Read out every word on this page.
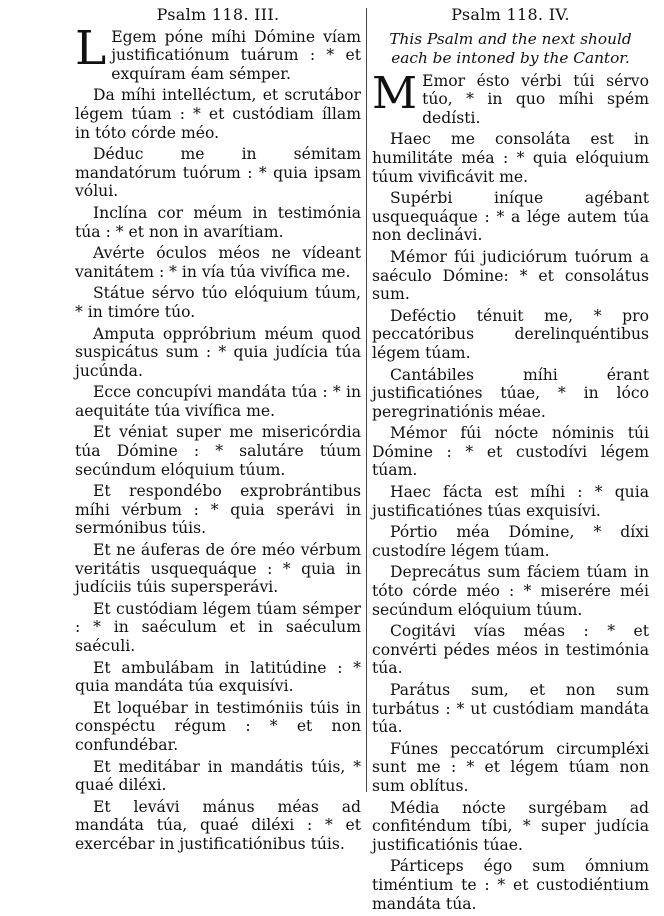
Psalm 118. III.

L Egem póne míhi Dómine víam justificatiónum tuárum : * et exquíram éam sémper.

Da míhi intelléctum, et scrutábor légem túam : * et custódiam íllam in tóto córde méo.

Déduc me in sémitam mandatórum tuórum : * quia ipsam vólui.

Inclína cor méum in testimónia túa : * et non in avarítiam.

Avérte óculos méos ne vídeant vanitátem : * in vía túa vivífica me.

Státue sérvo túo elóquium túum, * in timóre túo.

Amputa oppróbrium méum quod suspicátus sum : * quia judícia túa jucúnda.

Ecce concupívi mandáta túa : * in aequitáte túa vivífica me.

Et véniat super me misericórdia túa Dómine : * salutáre túum secúndum elóquium túum.

Et respondébo exprobrántibus míhi vérbum : * quia sperávi in sermónibus túis.

Et ne áuferas de óre méo vérbum veritátis usquequáque : * quia in judíciis túis supersperávi.

Et custódiam légem túam sémper : * in saéculum et in saéculum saéculi.

Et ambulábam in latitúdine : * quia mandáta túa exquisívi.

Et loquébar in testimóniis túis in conspéctu régum : * et non confundébar.

Et meditábar in mandátis túis, * quaé diléxi.

Et levávi mánus méas ad mandáta túa, quaé diléxi : * et exercébar in justificatiónibus túis.

Psalm 118. IV.
This Psalm and the next should each be intoned by the Cantor.

M Emor ésto vérbi túi sérvo túo, * in quo míhi spém dedísti.

Haec me consoláta est in humilitáte méa : * quia elóquium túum vivificávit me.

Supérbi iníque agébant usquequáque : * a lége autem túa non declinávi.

Mémor fúi judiciórum tuórum a saéculo Dómine: * et consolátus sum.

Deféctio ténuit me, * pro peccatóribus derelinquéntibus légem túam.

Cantábiles míhi érant justificatiónes túae, * in lóco peregrinatiónis méae.

Mémor fúi nócte nóminis túi Dómine : * et custodívi légem túam.

Haec fácta est míhi : * quia justificatiónes túas exquisívi.

Pórtio méa Dómine, * díxi custodíre légem túam.

Deprecátus sum fáciem túam in tóto córde méo : * miserére méi secúndum elóquium túum.

Cogitávi vías méas : * et convérti pédes méos in testimónia túa.

Parátus sum, et non sum turbátus : * ut custódiam mandáta túa.

Fúnes peccatórum circumpléxi sunt me : * et légem túam non sum oblítus.

Média nócte surgébam ad confiténdum tíbi, * super judícia justificatiónis túae.

Párticeps égo sum ómnium timéntium te : * et custodiéntium mandáta túa.
